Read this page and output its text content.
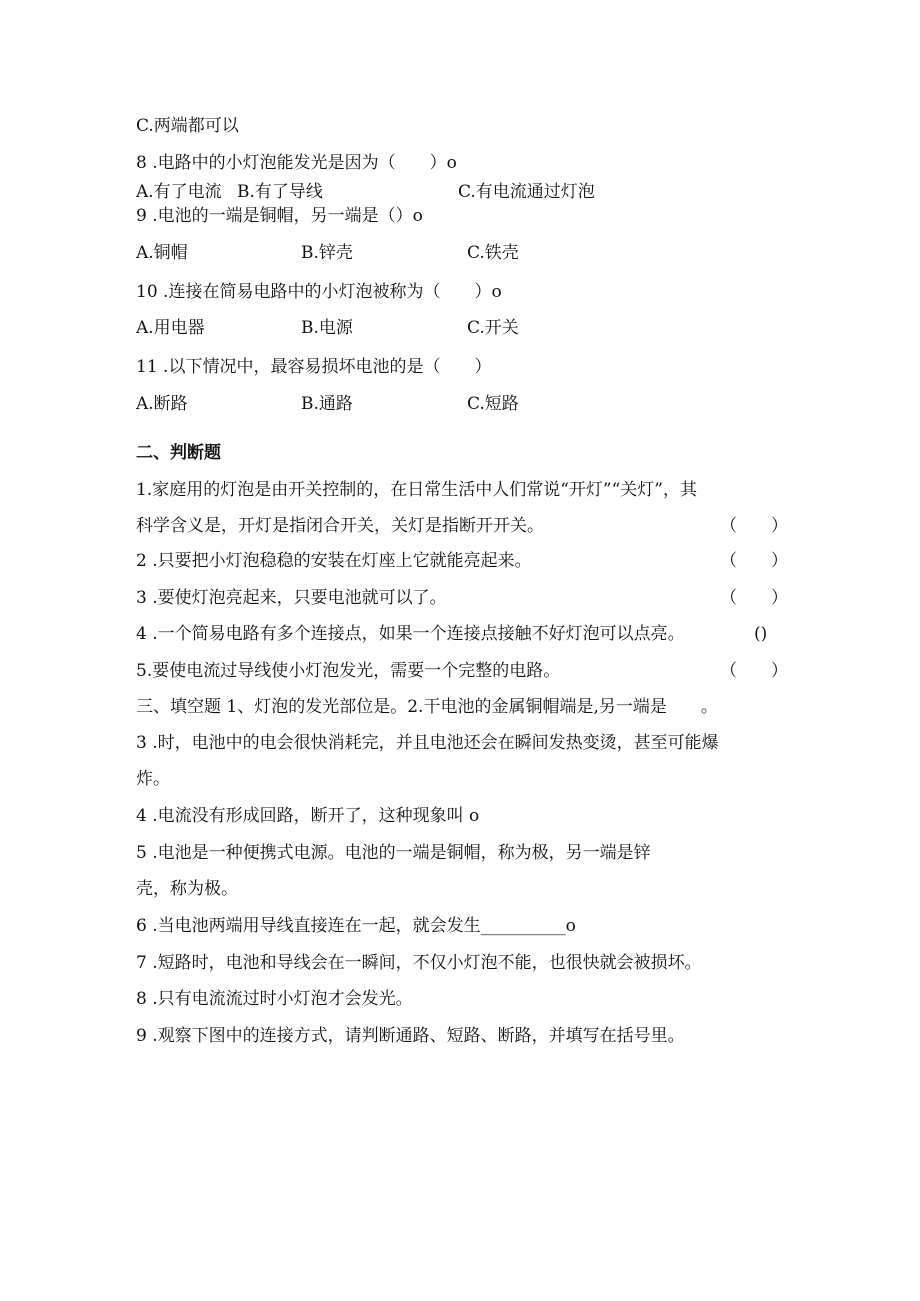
C.两端都可以
8 .电路中的小灯泡能发光是因为（　　）o
A.有了电流 B.有了导线	C.有电流通过灯泡
9 .电池的一端是铜帽，另一端是（）o
A.铜帽	B.锌壳	C.铁壳
10 .连接在简易电路中的小灯泡被称为（　　）o
A.用电器	B.电源	C.开关
11 .以下情况中，最容易损坏电池的是（　　）
A.断路	B.通路	C.短路
二、判断题
1.家庭用的灯泡是由开关控制的，在日常生活中人们常说“开灯”“关灯”，其
科学含义是，开灯是指闭合开关，关灯是指断开开关。	（　　）
2 .只要把小灯泡稳稳的安装在灯座上它就能亮起来。	（　　）
3 .要使灯泡亮起来，只要电池就可以了。	（　　）
4 .一个简易电路有多个连接点，如果一个连接点接触不好灯泡可以点亮。	()
5.要使电流过导线使小灯泡发光，需要一个完整的电路。	（　　）
三、填空题 1、灯泡的发光部位是。2.干电池的金属铜帽端是,另一端是　　。
3 .时，电池中的电会很快消耗完，并且电池还会在瞬间发热变烫，甚至可能爆
炸。
4 .电流没有形成回路，断开了，这种现象叫 o
5 .电池是一种便携式电源。电池的一端是铜帽，称为极，另一端是锌
壳，称为极。
6 .当电池两端用导线直接连在一起，就会发生__________o
7 .短路时，电池和导线会在一瞬间，不仅小灯泡不能，也很快就会被损坏。
8 .只有电流流过时小灯泡才会发光。
9 .观察下图中的连接方式，请判断通路、短路、断路，并填写在括号里。
